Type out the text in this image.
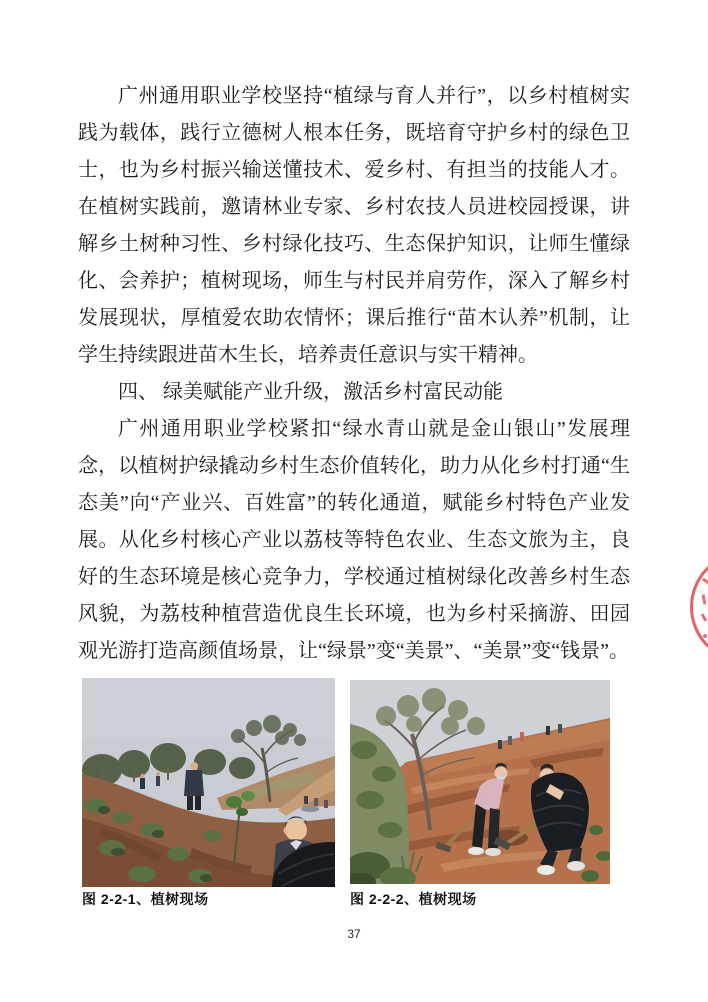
广州通用职业学校坚持“植绿与育人并行”，以乡村植树实践为载体，践行立德树人根本任务，既培育守护乡村的绿色卫士，也为乡村振兴输送懂技术、爱乡村、有担当的技能人才。在植树实践前，邀请林业专家、乡村农技人员进校园授课，讲解乡土树种习性、乡村绿化技巧、生态保护知识，让师生懂绿化、会养护；植树现场，师生与村民并肩劳作，深入了解乡村发展现状，厚植爱农助农情怀；课后推行“苗木认养”机制，让学生持续跟进苗木生长，培养责任意识与实干精神。

四、 绿美赋能产业升级，激活乡村富民动能

广州通用职业学校紧扣“绿水青山就是金山银山”发展理念，以植树护绿撬动乡村生态价值转化，助力从化乡村打通“生态美”向“产业兴、百姓富”的转化通道，赋能乡村特色产业发展。从化乡村核心产业以荔枝等特色农业、生态文旅为主，良好的生态环境是核心竞争力，学校通过植树绿化改善乡村生态风貌，为荔枝种植营造优良生长环境，也为乡村采摘游、田园观光游打造高颜值场景，让“绿景”变“美景”、“美景”变“钱景”。

图 2-2-1、植树现场	图 2-2-2、植树现场
37
